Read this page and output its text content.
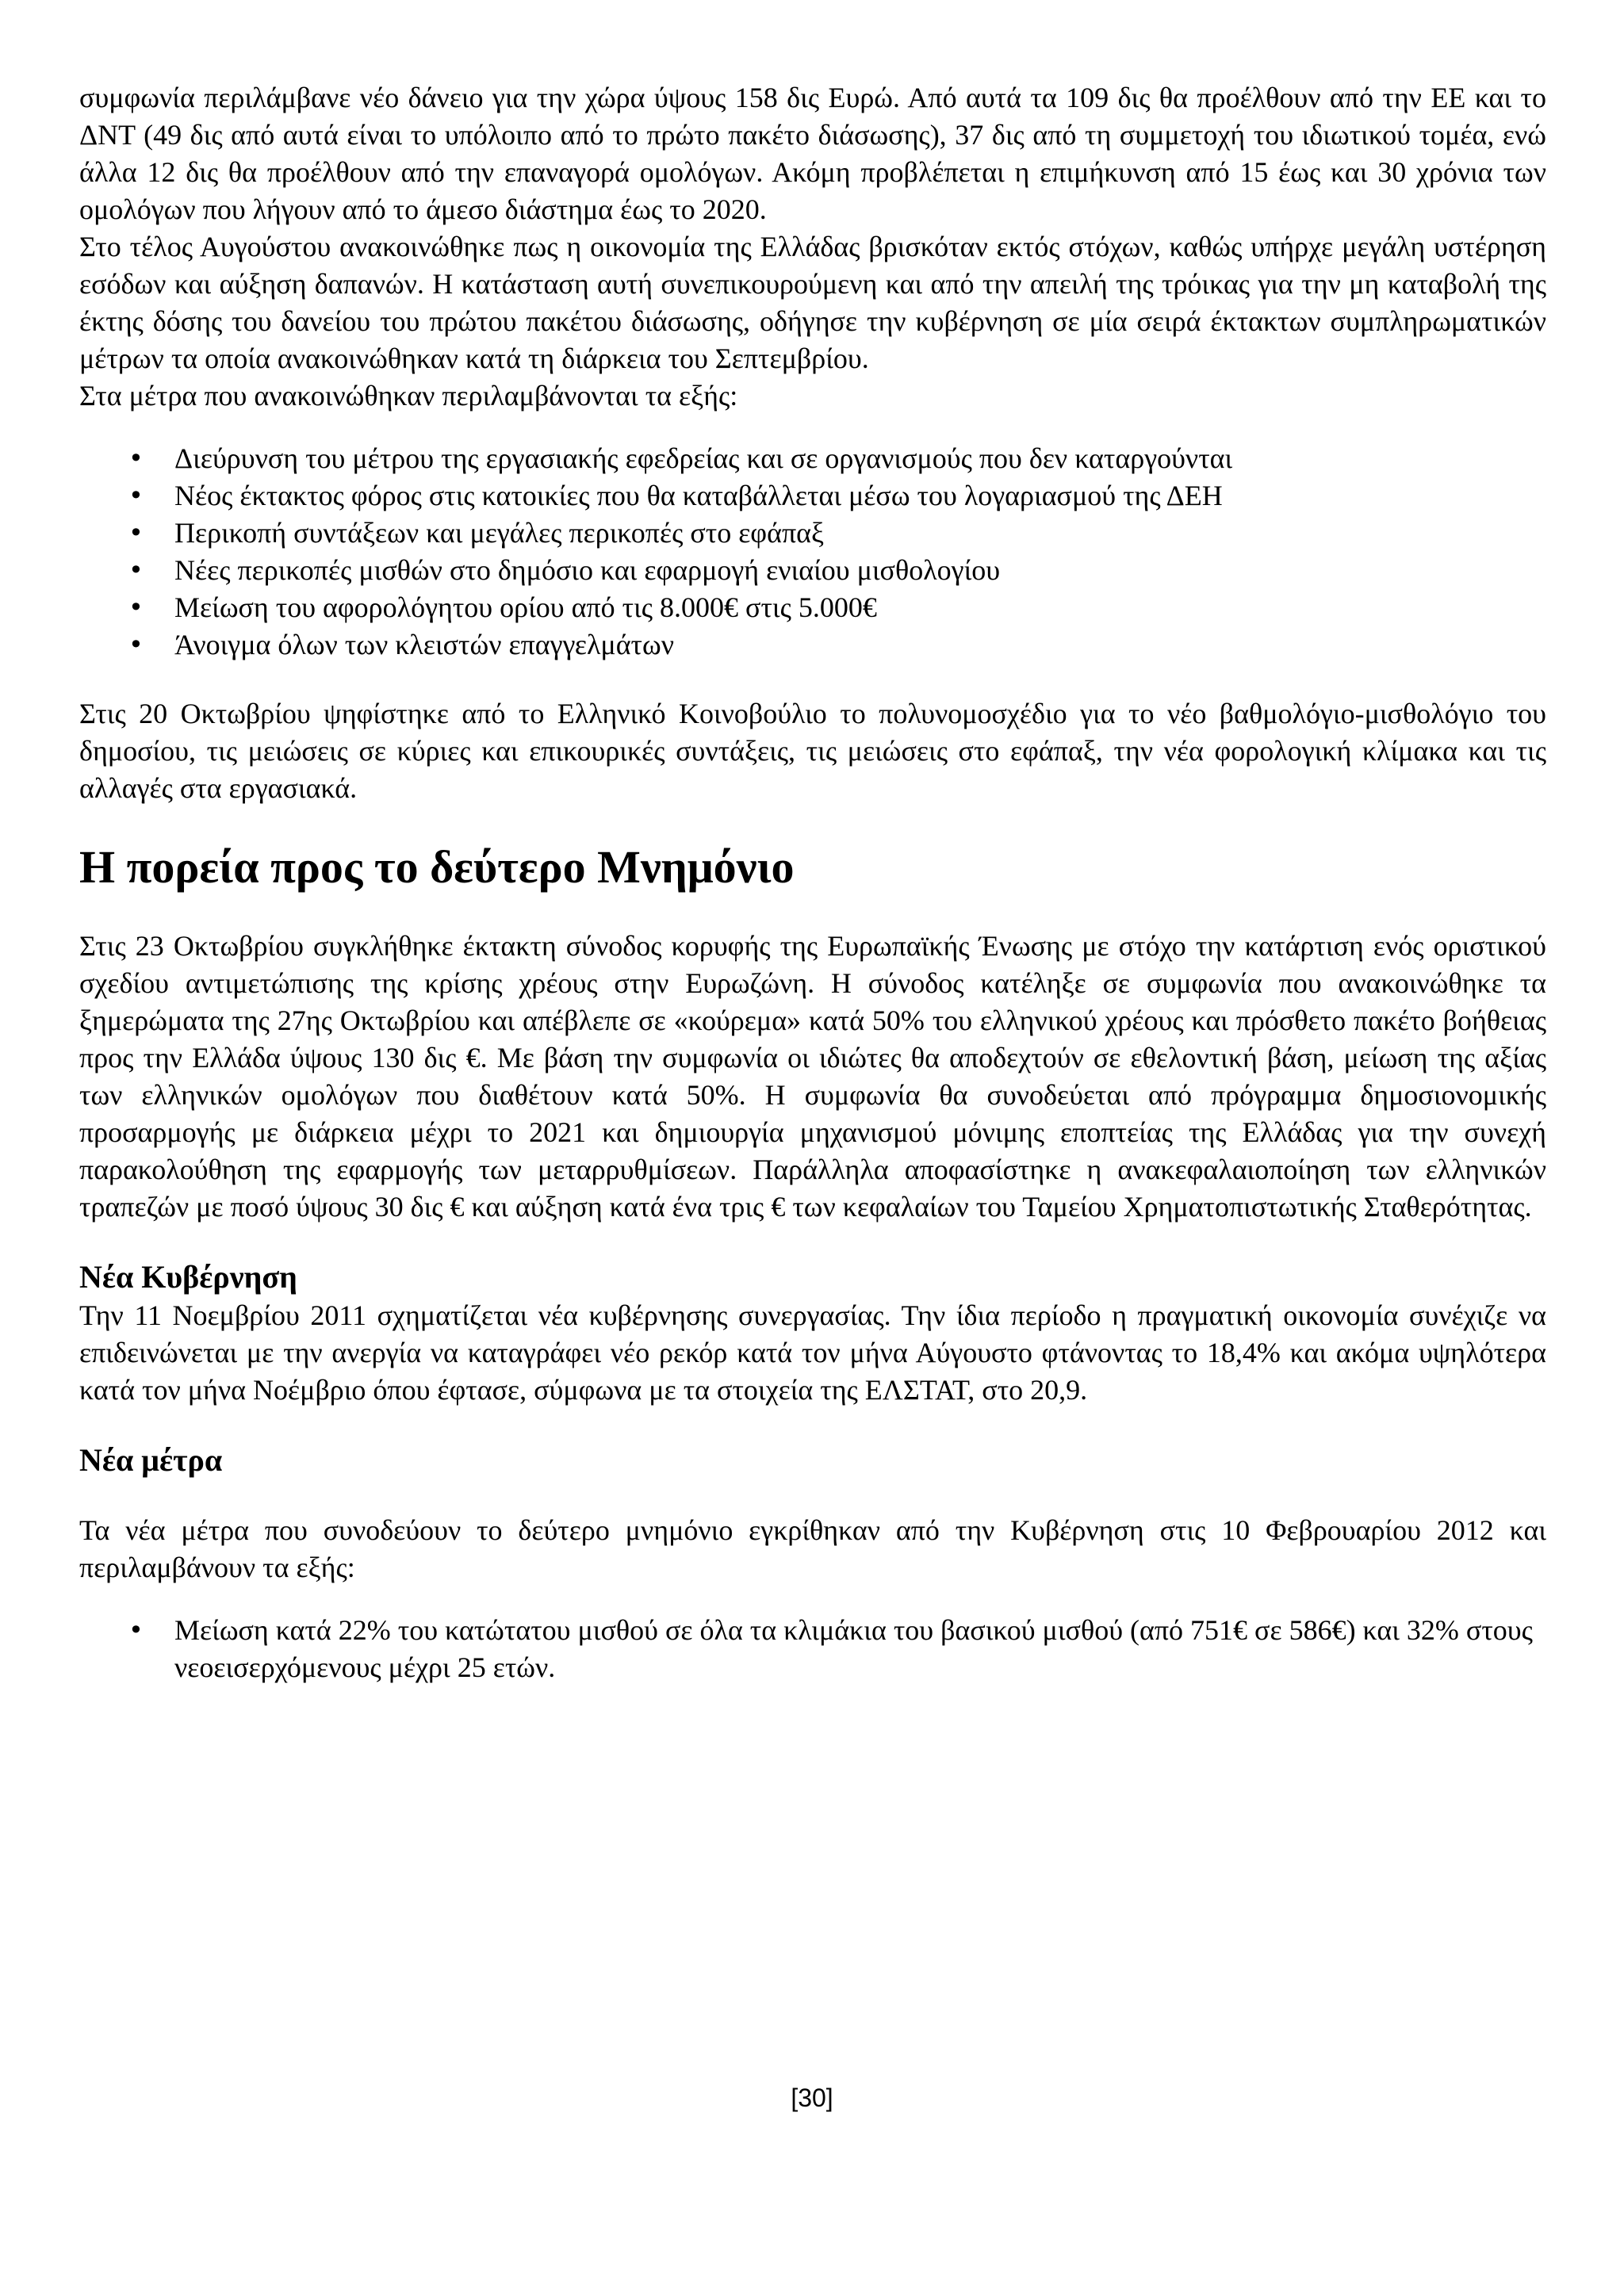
συμφωνία περιλάμβανε νέο δάνειο για την χώρα ύψους 158 δις Ευρώ. Από αυτά τα 109 δις θα προέλθουν από την ΕΕ και το ΔΝΤ (49 δις από αυτά είναι το υπόλοιπο από το πρώτο πακέτο διάσωσης), 37 δις από τη συμμετοχή του ιδιωτικού τομέα, ενώ άλλα 12 δις θα προέλθουν από την επαναγορά ομολόγων. Ακόμη προβλέπεται η επιμήκυνση από 15 έως και 30 χρόνια των ομολόγων που λήγουν από το άμεσο διάστημα έως το 2020.

Στο τέλος Αυγούστου ανακοινώθηκε πως η οικονομία της Ελλάδας βρισκόταν εκτός στόχων, καθώς υπήρχε μεγάλη υστέρηση εσόδων και αύξηση δαπανών. Η κατάσταση αυτή συνεπικουρούμενη και από την απειλή της τρόικας για την μη καταβολή της έκτης δόσης του δανείου του πρώτου πακέτου διάσωσης, οδήγησε την κυβέρνηση σε μία σειρά έκτακτων συμπληρωματικών μέτρων τα οποία ανακοινώθηκαν κατά τη διάρκεια του Σεπτεμβρίου.

Στα μέτρα που ανακοινώθηκαν περιλαμβάνονται τα εξής:

• Διεύρυνση του μέτρου της εργασιακής εφεδρείας και σε οργανισμούς που δεν καταργούνται
• Νέος έκτακτος φόρος στις κατοικίες που θα καταβάλλεται μέσω του λογαριασμού της ΔΕΗ
• Περικοπή συντάξεων και μεγάλες περικοπές στο εφάπαξ
• Νέες περικοπές μισθών στο δημόσιο και εφαρμογή ενιαίου μισθολογίου
• Μείωση του αφορολόγητου ορίου από τις 8.000€ στις 5.000€
• Άνοιγμα όλων των κλειστών επαγγελμάτων

Στις 20 Οκτωβρίου ψηφίστηκε από το Ελληνικό Κοινοβούλιο το πολυνομοσχέδιο για το νέο βαθμολόγιο-μισθολόγιο του δημοσίου, τις μειώσεις σε κύριες και επικουρικές συντάξεις, τις μειώσεις στο εφάπαξ, την νέα φορολογική κλίμακα και τις αλλαγές στα εργασιακά.

Η πορεία προς το δεύτερο Μνημόνιο

Στις 23 Οκτωβρίου συγκλήθηκε έκτακτη σύνοδος κορυφής της Ευρωπαϊκής Ένωσης με στόχο την κατάρτιση ενός οριστικού σχεδίου αντιμετώπισης της κρίσης χρέους στην Ευρωζώνη. Η σύνοδος κατέληξε σε συμφωνία που ανακοινώθηκε τα ξημερώματα της 27ης Οκτωβρίου και απέβλεπε σε «κούρεμα» κατά 50% του ελληνικού χρέους και πρόσθετο πακέτο βοήθειας προς την Ελλάδα ύψους 130 δις €. Με βάση την συμφωνία οι ιδιώτες θα αποδεχτούν σε εθελοντική βάση, μείωση της αξίας των ελληνικών ομολόγων που διαθέτουν κατά 50%. Η συμφωνία θα συνοδεύεται από πρόγραμμα δημοσιονομικής προσαρμογής με διάρκεια μέχρι το 2021 και δημιουργία μηχανισμού μόνιμης εποπτείας της Ελλάδας για την συνεχή παρακολούθηση της εφαρμογής των μεταρρυθμίσεων. Παράλληλα αποφασίστηκε η ανακεφαλαιοποίηση των ελληνικών τραπεζών με ποσό ύψους 30 δις € και αύξηση κατά ένα τρις € των κεφαλαίων του Ταμείου Χρηματοπιστωτικής Σταθερότητας.

Νέα Κυβέρνηση

Την 11 Νοεμβρίου 2011 σχηματίζεται νέα κυβέρνησης συνεργασίας. Την ίδια περίοδο η πραγματική οικονομία συνέχιζε να επιδεινώνεται με την ανεργία να καταγράφει νέο ρεκόρ κατά τον μήνα Αύγουστο φτάνοντας το 18,4% και ακόμα υψηλότερα κατά τον μήνα Νοέμβριο όπου έφτασε, σύμφωνα με τα στοιχεία της ΕΛΣΤΑΤ, στο 20,9.

Νέα μέτρα

Τα νέα μέτρα που συνοδεύουν το δεύτερο μνημόνιο εγκρίθηκαν από την Κυβέρνηση στις 10 Φεβρουαρίου 2012 και περιλαμβάνουν τα εξής:

• Μείωση κατά 22% του κατώτατου μισθού σε όλα τα κλιμάκια του βασικού μισθού (από 751€ σε 586€) και 32% στους νεοεισερχόμενους μέχρι 25 ετών.
[30]
